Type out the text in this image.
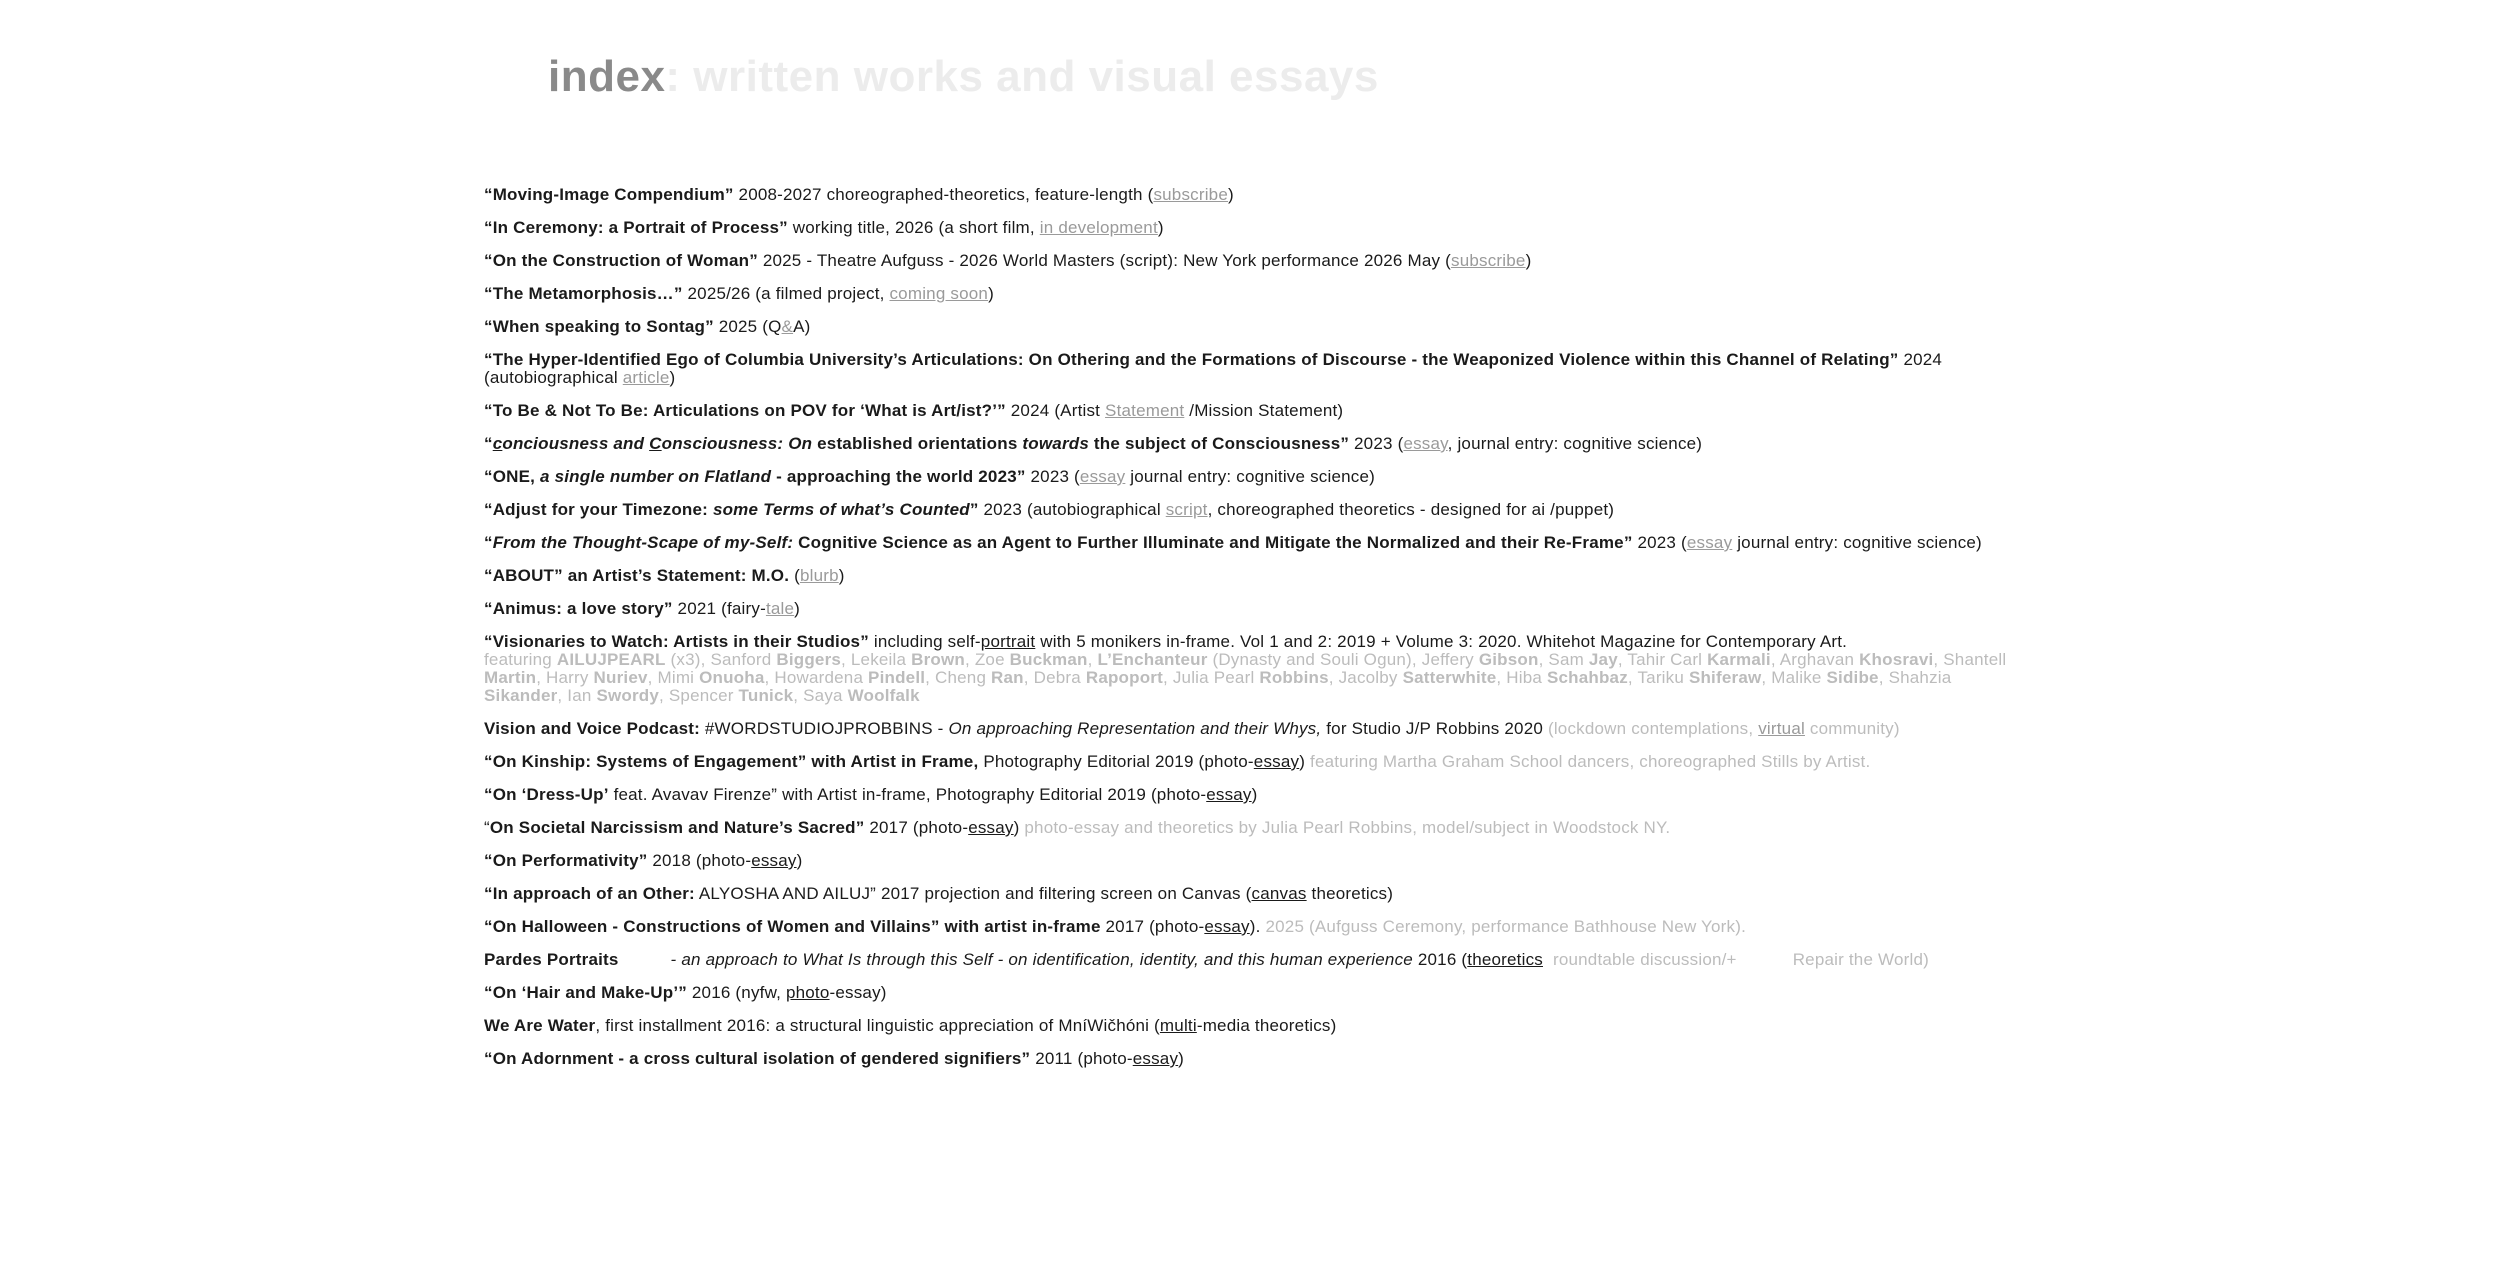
index: written works and visual essays
“Moving-Image Compendium” 2008-2027 choreographed-theoretics, feature-length (subscribe)
“In Ceremony: a Portrait of Process” working title, 2026 (a short film, in development)
“On the Construction of Woman” 2025 - Theatre Aufguss - 2026 World Masters (script): New York performance 2026 May (subscribe)
“The Metamorphosis…” 2025/26 (a filmed project, coming soon)
“When speaking to Sontag” 2025 (Q&A)
“The Hyper-Identified Ego of Columbia University’s Articulations: On Othering and the Formations of Discourse - the Weaponized Violence within this Channel of Relating” 2024 (autobiographical article)
“To Be & Not To Be: Articulations on POV for ‘What is Art/ist?’” 2024 (Artist Statement /Mission Statement)
“conciousness and Consciousness: On established orientations towards the subject of Consciousness” 2023 (essay, journal entry: cognitive science)
“ONE, a single number on Flatland - approaching the world 2023” 2023 (essay journal entry: cognitive science)
“Adjust for your Timezone: some Terms of what’s Counted” 2023 (autobiographical script, choreographed theoretics - designed for ai /puppet)
“From the Thought-Scape of my-Self: Cognitive Science as an Agent to Further Illuminate and Mitigate the Normalized and their Re-Frame” 2023 (essay journal entry: cognitive science)
“ABOUT” an Artist’s Statement: M.O. (blurb)
“Animus: a love story” 2021 (fairy-tale)
“Visionaries to Watch: Artists in their Studios” including self-portrait with 5 monikers in-frame. Vol 1 and 2: 2019 + Volume 3: 2020. Whitehot Magazine for Contemporary Art.
featuring AILUJPEARL (x3), Sanford Biggers, Lekeila Brown, Zoe Buckman, L’Enchanteur (Dynasty and Souli Ogun), Jeffery Gibson, Sam Jay, Tahir Carl Karmali, Arghavan Khosravi, Shantell Martin, Harry Nuriev, Mimi Onuoha, Howardena Pindell, Cheng Ran, Debra Rapoport, Julia Pearl Robbins, Jacolby Satterwhite, Hiba Schahbaz, Tariku Shiferaw, Malike Sidibe, Shahzia Sikander, Ian Swordy, Spencer Tunick, Saya Woolfalk
Vision and Voice Podcast: #WORDSTUDIOJPROBBINS - On approaching Representation and their Whys, for Studio J/P Robbins 2020 (lockdown contemplations, virtual community)
“On Kinship: Systems of Engagement” with Artist in Frame, Photography Editorial 2019 (photo-essay) featuring Martha Graham School dancers, choreographed Stills by Artist.
“On ‘Dress-Up’ feat. Avavav Firenze” with Artist in-frame, Photography Editorial 2019 (photo-essay)
“On Societal Narcissism and Nature’s Sacred” 2017 (photo-essay) photo-essay and theoretics by Julia Pearl Robbins, model/subject in Woodstock NY.
“On Performativity” 2018 (photo-essay)
“In approach of an Other: ALYOSHA AND AILUJ” 2017 projection and filtering screen on Canvas (canvas theoretics)
“On Halloween - Constructions of Women and Villains” with artist in-frame 2017 (photo-essay). 2025 (Aufguss Ceremony, performance Bathhouse New York).
Pardes Portraits	- an approach to What Is through this Self - on identification, identity, and this human experience 2016 (theoretics roundtable discussion/+	Repair the World)
“On ‘Hair and Make-Up’” 2016 (nyfw, photo-essay)
We Are Water, first installment 2016: a structural linguistic appreciation of MníWičhóni (multi-media theoretics)
“On Adornment - a cross cultural isolation of gendered signifiers” 2011 (photo-essay)
